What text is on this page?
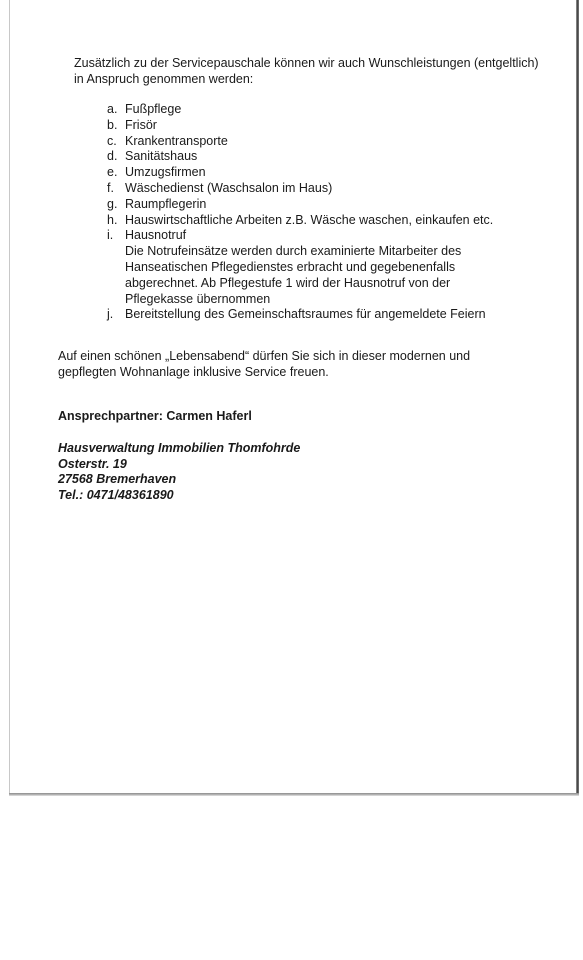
Zusätzlich zu der Servicepauschale können wir auch Wunschleistungen (entgeltlich) in Anspruch genommen werden:

a. Fußpflege
b. Frisör
c. Krankentransporte
d. Sanitätshaus
e. Umzugsfirmen
f. Wäschedienst (Waschsalon im Haus)
g. Raumpflegerin
h. Hauswirtschaftliche Arbeiten z.B. Wäsche waschen, einkaufen etc.
i. Hausnotruf
Die Notrufeinsätze werden durch examinierte Mitarbeiter des Hanseatischen Pflegedienstes erbracht und gegebenenfalls abgerechnet. Ab Pflegestufe 1 wird der Hausnotruf von der Pflegekasse übernommen
j. Bereitstellung des Gemeinschaftsraumes für angemeldete Feiern

Auf einen schönen „Lebensabend“ dürfen Sie sich in dieser modernen und gepflegten Wohnanlage inklusive Service freuen.

Ansprechpartner: Carmen Haferl

Hausverwaltung Immobilien Thomfohrde
Osterstr. 19
27568 Bremerhaven
Tel.: 0471/48361890
